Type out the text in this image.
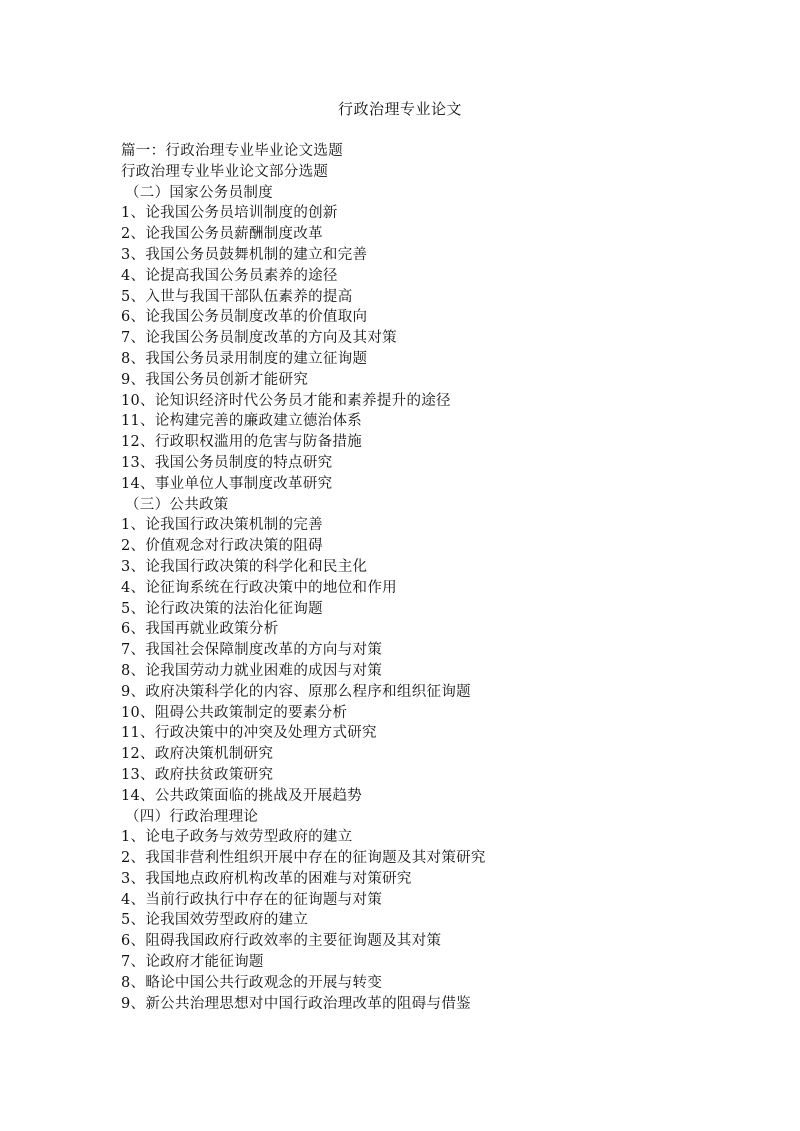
行政治理专业论文
篇一：行政治理专业毕业论文选题
行政治理专业毕业论文部分选题
（二）国家公务员制度
1、论我国公务员培训制度的创新
2、论我国公务员薪酬制度改革
3、我国公务员鼓舞机制的建立和完善
4、论提高我国公务员素养的途径
5、入世与我国干部队伍素养的提高
6、论我国公务员制度改革的价值取向
7、论我国公务员制度改革的方向及其对策
8、我国公务员录用制度的建立征询题
9、我国公务员创新才能研究
10、论知识经济时代公务员才能和素养提升的途径
11、论构建完善的廉政建立德治体系
12、行政职权滥用的危害与防备措施
13、我国公务员制度的特点研究
14、事业单位人事制度改革研究
（三）公共政策
1、论我国行政决策机制的完善
2、价值观念对行政决策的阻碍
3、论我国行政决策的科学化和民主化
4、论征询系统在行政决策中的地位和作用
5、论行政决策的法治化征询题
6、我国再就业政策分析
7、我国社会保障制度改革的方向与对策
8、论我国劳动力就业困难的成因与对策
9、政府决策科学化的内容、原那么程序和组织征询题
10、阻碍公共政策制定的要素分析
11、行政决策中的冲突及处理方式研究
12、政府决策机制研究
13、政府扶贫政策研究
14、公共政策面临的挑战及开展趋势
（四）行政治理理论
1、论电子政务与效劳型政府的建立
2、我国非营利性组织开展中存在的征询题及其对策研究
3、我国地点政府机构改革的困难与对策研究
4、当前行政执行中存在的征询题与对策
5、论我国效劳型政府的建立
6、阻碍我国政府行政效率的主要征询题及其对策
7、论政府才能征询题
8、略论中国公共行政观念的开展与转变
9、新公共治理思想对中国行政治理改革的阻碍与借鉴
